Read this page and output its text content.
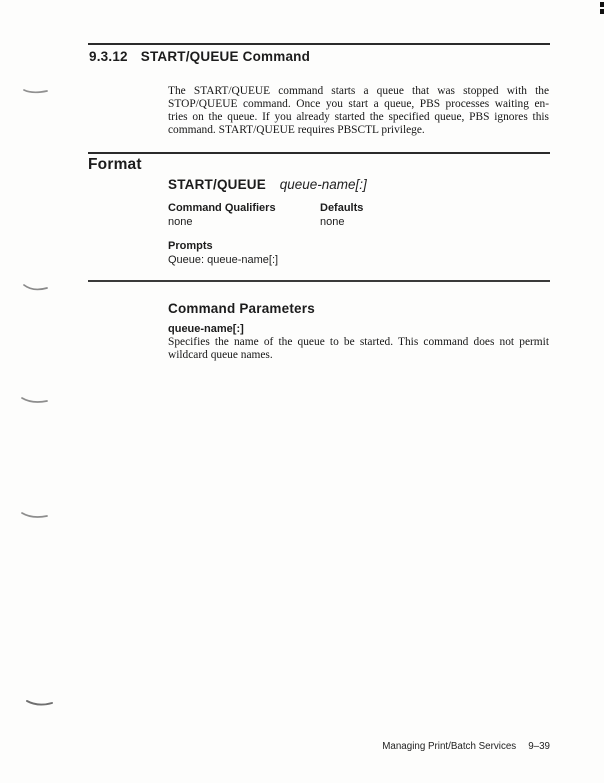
9.3.12 START/QUEUE Command
The START/QUEUE command starts a queue that was stopped with the
STOP/QUEUE command. Once you start a queue, PBS processes waiting en-
tries on the queue. If you already started the specified queue, PBS ignores this
command. START/QUEUE requires PBSCTL privilege.
Format
START/QUEUE queue-name[:]
Command Qualifiers	Defaults
none	none
Prompts
Queue: queue-name[:]
Command Parameters
queue-name[:]
Specifies the name of the queue to be started. This command does not permit
wildcard queue names.
Managing Print/Batch Services 9–39
